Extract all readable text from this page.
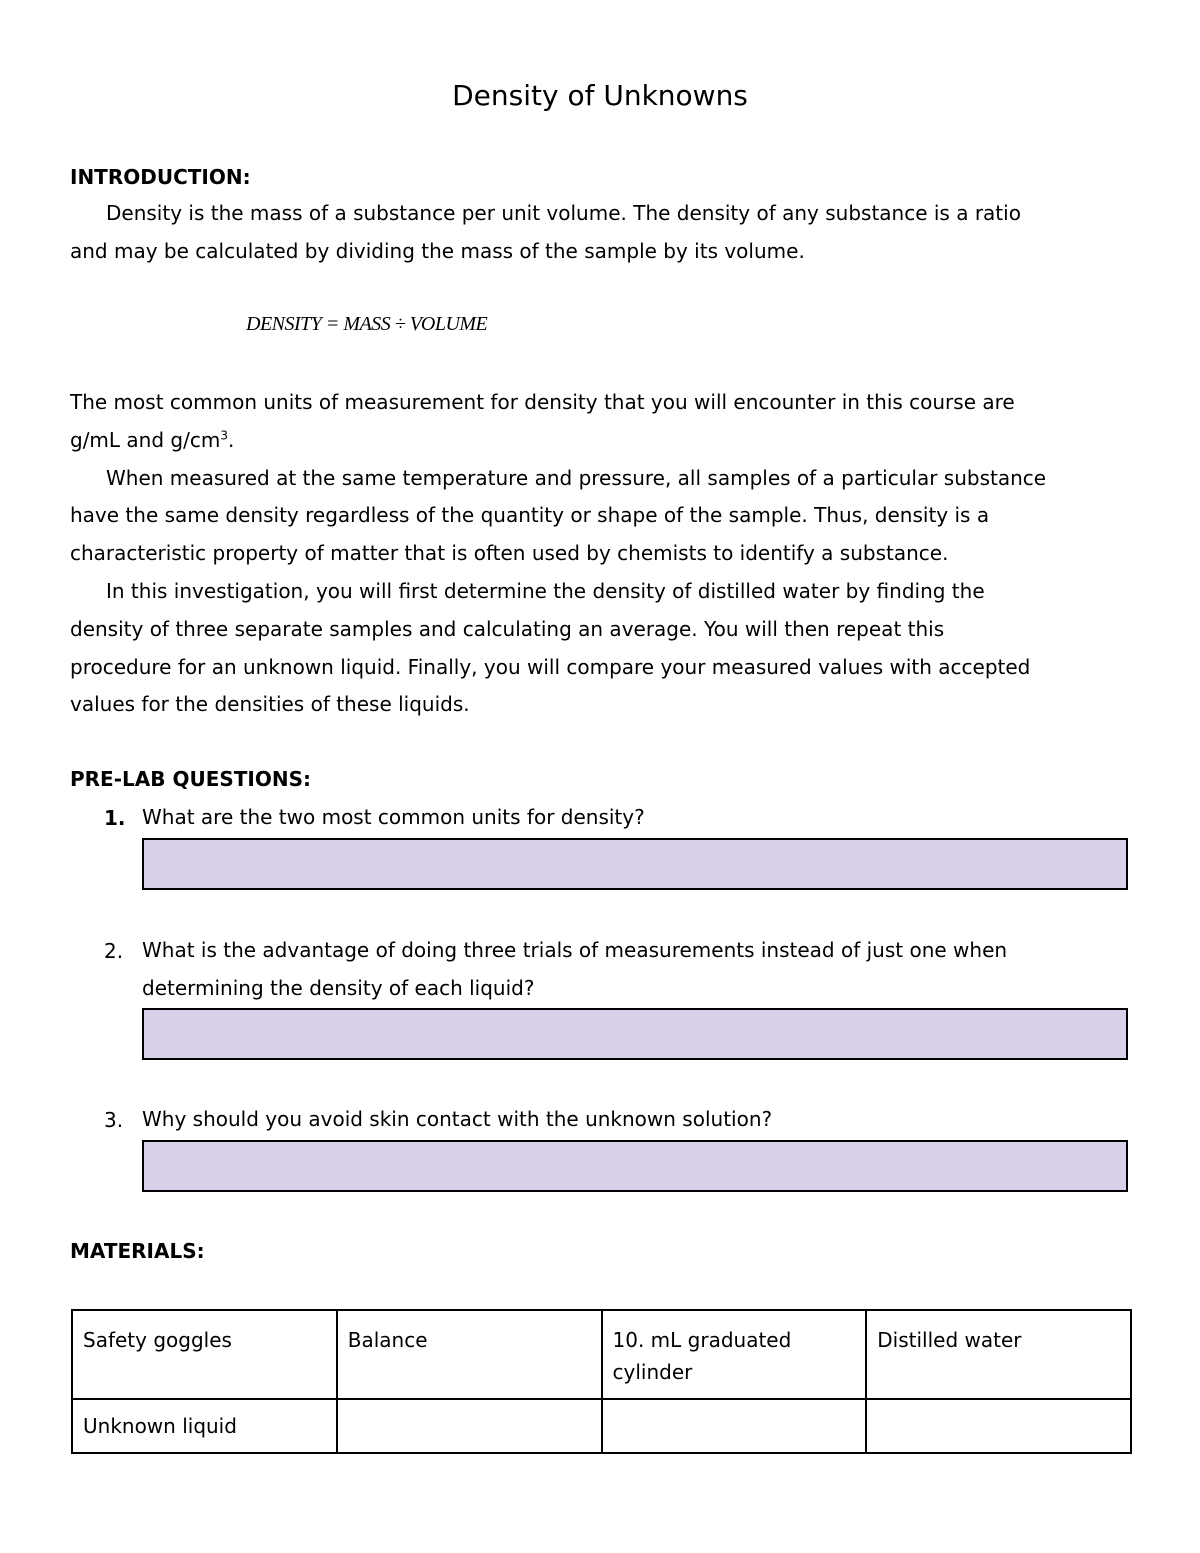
Density of Unknowns
INTRODUCTION:
Density is the mass of a substance per unit volume. The density of any substance is a ratio
and may be calculated by dividing the mass of the sample by its volume.
DENSITY = MASS ÷ VOLUME
The most common units of measurement for density that you will encounter in this course are
g/mL and $g/cm^3$.
When measured at the same temperature and pressure, all samples of a particular substance
have the same density regardless of the quantity or shape of the sample. Thus, density is a
characteristic property of matter that is often used by chemists to identify a substance.
In this investigation, you will first determine the density of distilled water by finding the
density of three separate samples and calculating an average. You will then repeat this
procedure for an unknown liquid. Finally, you will compare your measured values with accepted
values for the densities of these liquids.
PRE-LAB QUESTIONS:
1. What are the two most common units for density?
2. What is the advantage of doing three trials of measurements instead of just one when
determining the density of each liquid?
3. Why should you avoid skin contact with the unknown solution?
MATERIALS:
Safety goggles	Balance	10. mL graduated cylinder	Distilled water
Unknown liquid			
